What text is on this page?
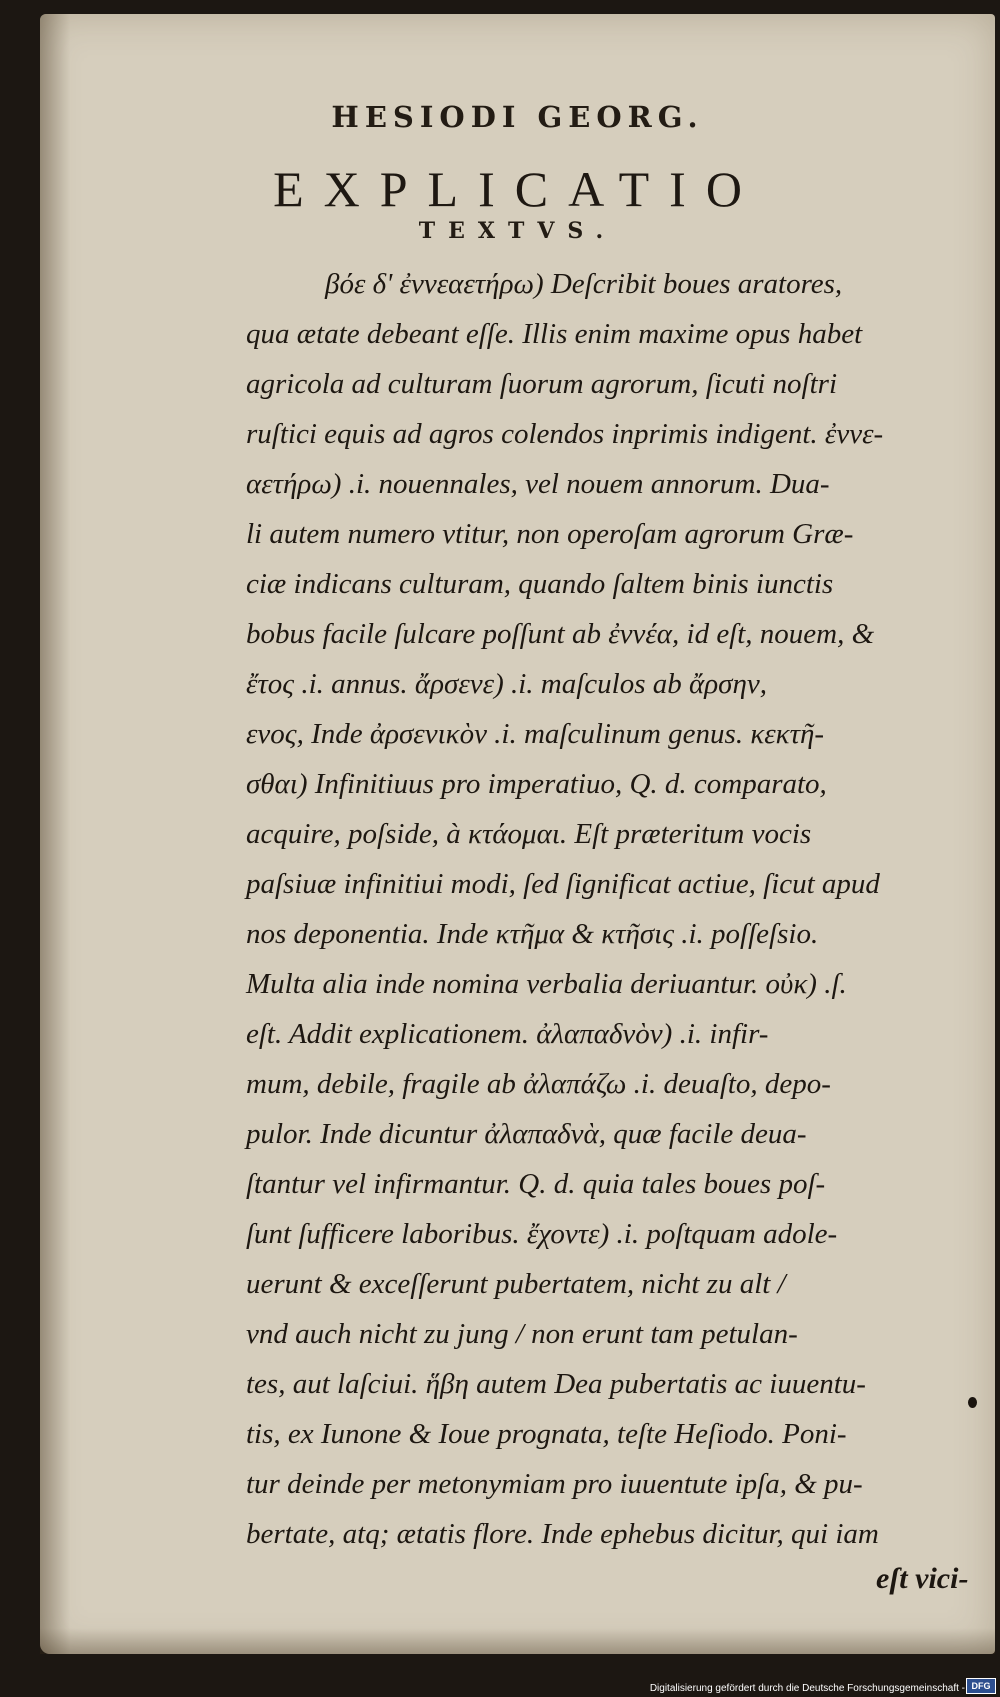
HESIODI GEORG.
EXPLICATIO
TEXTVS.
βόε δ' ἐννεαετήρω) Deſcribit boues aratores,
qua ætate debeant eſſe. Illis enim maxime opus habet
agricola ad culturam ſuorum agrorum, ſicuti noſtri
ruſtici equis ad agros colendos inprimis indigent. ἐννε-
αετήρω) .i. nouennales, vel nouem annorum. Dua-
li autem numero vtitur, non operoſam agrorum Græ-
ciæ indicans culturam, quando ſaltem binis iunctis
bobus facile ſulcare poſſunt ab ἐννέα, id eſt, nouem, &
ἔτος .i. annus. ἄρσενε) .i. maſculos ab ἄρσην,
ενος, Inde ἀρσενικὸν .i. maſculinum genus. κεκτῆ-
σθαι) Infinitiuus pro imperatiuo, Q. d. comparato,
acquire, poſside, à κτάομαι. Eſt præteritum vocis
paſsiuæ infinitiui modi, ſed ſignificat actiue, ſicut apud
nos deponentia. Inde κτῆμα & κτῆσις .i. poſſeſsio.
Multa alia inde nomina verbalia deriuantur. οὐκ) .ſ.
eſt. Addit explicationem. ἀλαπαδνὸν) .i. infir-
mum, debile, fragile ab ἀλαπάζω .i. deuaſto, depo-
pulor. Inde dicuntur ἀλαπαδνὰ, quæ facile deua-
ſtantur vel infirmantur. Q. d. quia tales boues poſ-
ſunt ſufficere laboribus. ἔχοντε) .i. poſtquam adole-
uerunt & exceſſerunt pubertatem, nicht zu alt /
vnd auch nicht zu jung / non erunt tam petulan-
tes, aut laſciui. ἥβη autem Dea pubertatis ac iuuentu-
tis, ex Iunone & Ioue prognata, teſte Heſiodo. Poni-
tur deinde per metonymiam pro iuuentute ipſa, & pu-
bertate, atq; ætatis flore. Inde ephebus dicitur, qui iam
eſt vici-
Digitalisierung gefördert durch die Deutsche Forschungsgemeinschaft - DFG
